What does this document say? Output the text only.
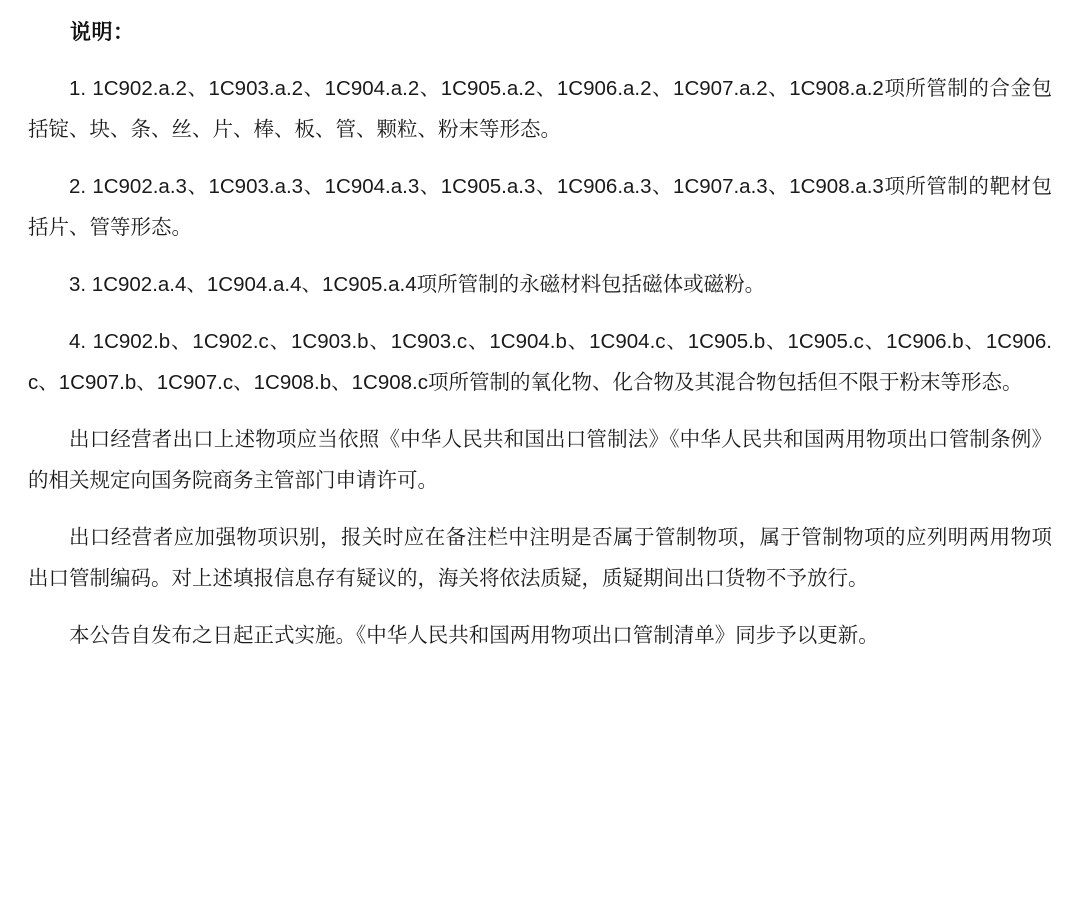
说明：

1. 1C902.a.2、1C903.a.2、1C904.a.2、1C905.a.2、1C906.a.2、1C907.a.2、1C908.a.2项所管制的合金包括锭、块、条、丝、片、棒、板、管、颗粒、粉末等形态。

2. 1C902.a.3、1C903.a.3、1C904.a.3、1C905.a.3、1C906.a.3、1C907.a.3、1C908.a.3项所管制的靶材包括片、管等形态。

3. 1C902.a.4、1C904.a.4、1C905.a.4项所管制的永磁材料包括磁体或磁粉。

4. 1C902.b、1C902.c、1C903.b、1C903.c、1C904.b、1C904.c、1C905.b、1C905.c、1C906.b、1C906.c、1C907.b、1C907.c、1C908.b、1C908.c项所管制的氧化物、化合物及其混合物包括但不限于粉末等形态。

出口经营者出口上述物项应当依照《中华人民共和国出口管制法》《中华人民共和国两用物项出口管制条例》的相关规定向国务院商务主管部门申请许可。

出口经营者应加强物项识别，报关时应在备注栏中注明是否属于管制物项，属于管制物项的应列明两用物项出口管制编码。对上述填报信息存有疑议的，海关将依法质疑，质疑期间出口货物不予放行。

本公告自发布之日起正式实施。《中华人民共和国两用物项出口管制清单》同步予以更新。
